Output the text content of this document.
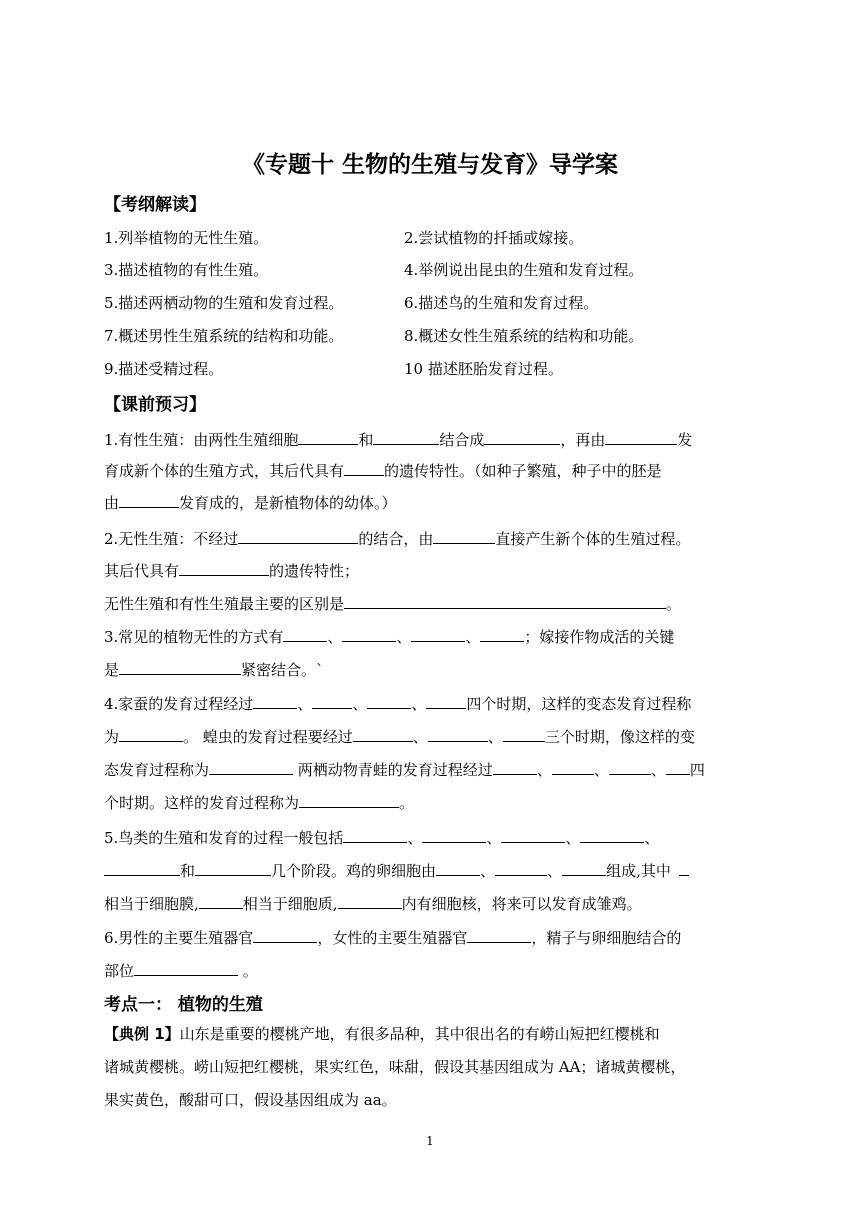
《专题十 生物的生殖与发育》导学案
【考纲解读】
1.列举植物的无性生殖。	2.尝试植物的扦插或嫁接。
3.描述植物的有性生殖。	4.举例说出昆虫的生殖和发育过程。
5.描述两栖动物的生殖和发育过程。	6.描述鸟的生殖和发育过程。
7.概述男性生殖系统的结构和功能。	8.概述女性生殖系统的结构和功能。
9.描述受精过程。	10 描述胚胎发育过程。
【课前预习】
1.有性生殖：由两性生殖细胞	和	结合成	，再由	发
育成新个体的生殖方式，其后代具有	的遗传特性。（如种子繁殖，种子中的胚是
由	发育成的，是新植物体的幼体。）
2.无性生殖：不经过	的结合，由	直接产生新个体的生殖过程。
其后代具有	的遗传特性；
无性生殖和有性生殖最主要的区别是	。
3.常见的植物无性的方式有	、	、	、	；嫁接作物成活的关键
是	紧密结合。`
4.家蚕的发育过程经过	、	、	、	四个时期，这样的变态发育过程称
为	。 蝗虫的发育过程要经过	、	、	三个时期，像这样的变
态发育过程称为	两栖动物青蛙的发育过程经过	、	、	、 四
个时期。这样的发育过程称为	。
5.鸟类的生殖和发育的过程一般包括	、	、	、	、
和	几个阶段。鸡的卵细胞由	、	、	组成,其中
相当于细胞膜,	相当于细胞质,	内有细胞核，将来可以发育成雏鸡。
6.男性的主要生殖器官	，女性的主要生殖器官	，精子与卵细胞结合的
部位	。
考点一： 植物的生殖
【典例 1】山东是重要的樱桃产地，有很多品种，其中很出名的有崂山短把红樱桃和
诸城黄樱桃。崂山短把红樱桃，果实红色，味甜，假设其基因组成为 AA；诸城黄樱桃，
果实黄色，酸甜可口，假设基因组成为 aa。
1
